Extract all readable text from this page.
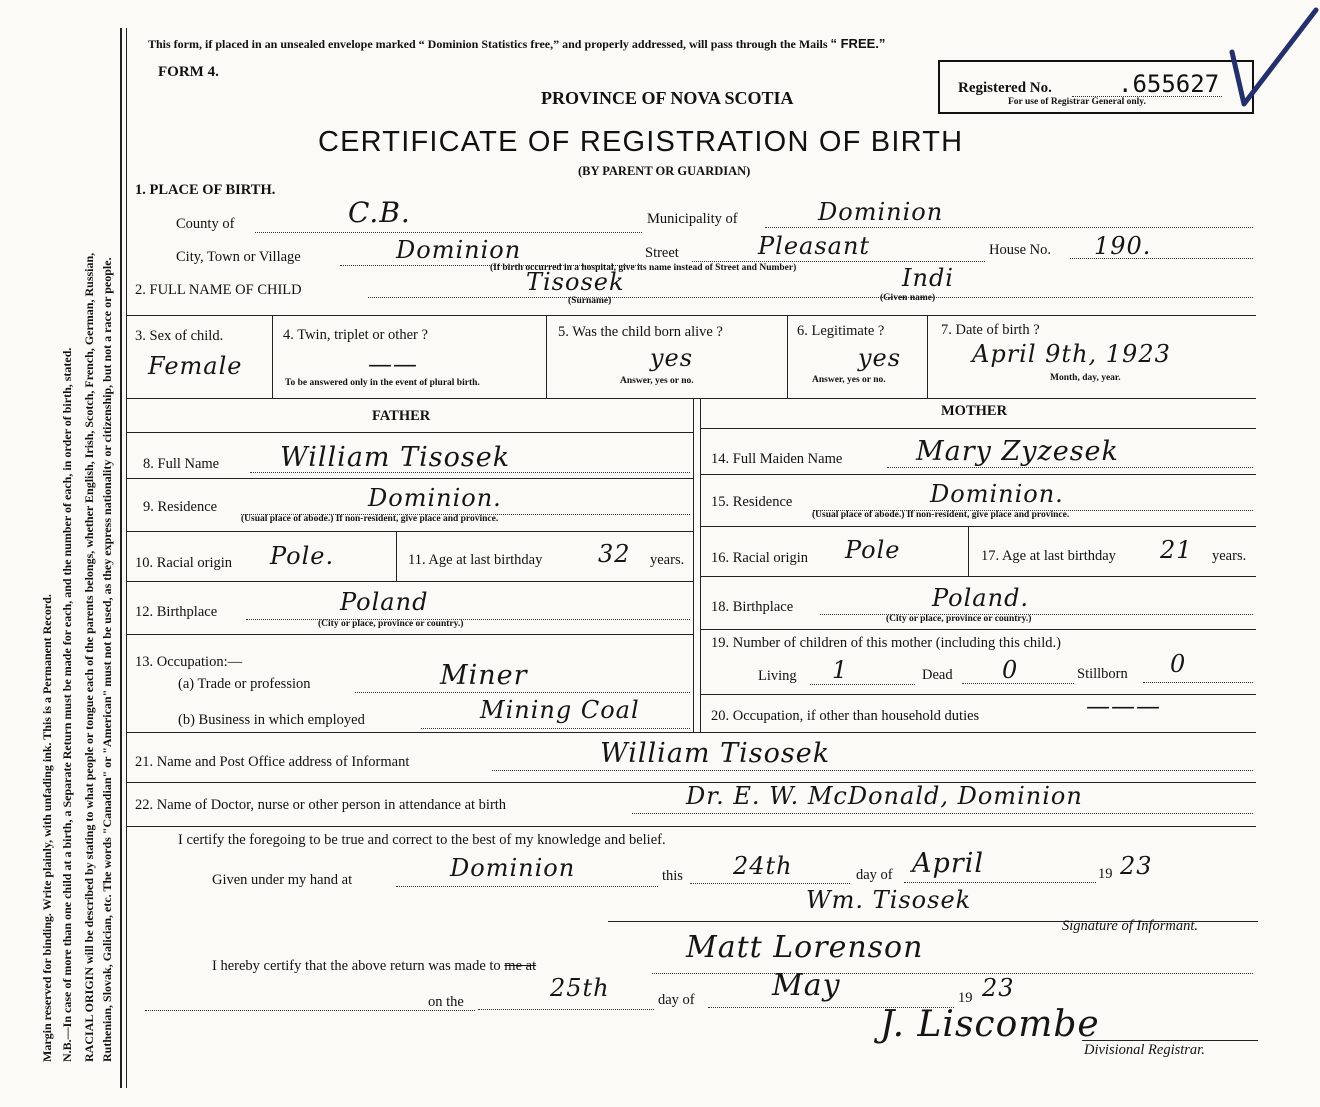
Margin reserved for binding. Write plainly, with unfading ink. This is a Permanent Record. N.B.—In case of more than one child at a birth, a Separate Return must be made for each, and the number of each, in order of birth, stated. RACIAL ORIGIN will be described by stating to what people or tongue each of the parents belongs, whether English, Irish, Scotch, French, German, Russian, Ruthenian, Slovak, Galician, etc. The words "Canadian" or "American" must not be used, as they express nationality or citizenship, but not a race or people.
This form, if placed in an unsealed envelope marked “ Dominion Statistics free,” and properly addressed, will pass through the Mails “ FREE.”
FORM 4.
PROVINCE OF NOVA SCOTIA
CERTIFICATE OF REGISTRATION OF BIRTH
(BY PARENT OR GUARDIAN)
Registered No.	.655627
For use of Registrar General only.
1. PLACE OF BIRTH.
County of	C.B.	Municipality of	Dominion
City, Town or Village	Dominion	Street	Pleasant	House No. 190.
(If birth occurred in a hospital, give its name instead of Street and Number)
2. FULL NAME OF CHILD	Tisosek
(Surname)
Indi
(Given name)
3. Sex of child.
Female
4. Twin, triplet or other ?
——
To be answered only in the event of plural birth.
5. Was the child born alive ?
yes
Answer, yes or no.
6. Legitimate ?
yes
Answer, yes or no.
7. Date of birth ?
April 9th, 1923
Month, day, year.
FATHER	MOTHER
8. Full Name William Tisosek
9. Residence	Dominion.
(Usual place of abode.) If non-resident, give place and province.
10. Racial origin Pole.	11. Age at last birthday 32 years.
12. Birthplace	Poland
(City or place, province or country.)
13. Occupation:—
(a) Trade or profession	Miner
(b) Business in which employed	Mining Coal
14. Full Maiden Name	Mary Zyzesek
15. Residence	Dominion.
(Usual place of abode.) If non-resident, give place and province.
16. Racial origin Pole	17. Age at last birthday 21 years.
18. Birthplace	Poland.
(City or place, province or country.)
19. Number of children of this mother (including this child.)
Living 1	Dead 0	Stillborn 0
20. Occupation, if other than household duties	———
21. Name and Post Office address of Informant	William Tisosek
22. Name of Doctor, nurse or other person in attendance at birth	Dr. E. W. McDonald, Dominion
I certify the foregoing to be true and correct to the best of my knowledge and belief.
Given under my hand at	Dominion	this 24th	day of April	19 23
Wm. Tisosek
Signature of Informant.
I hereby certify that the above return was made to me at
Matt Lorenson
on the	25th	day of	May	19 23
J. Liscombe
Divisional Registrar.
